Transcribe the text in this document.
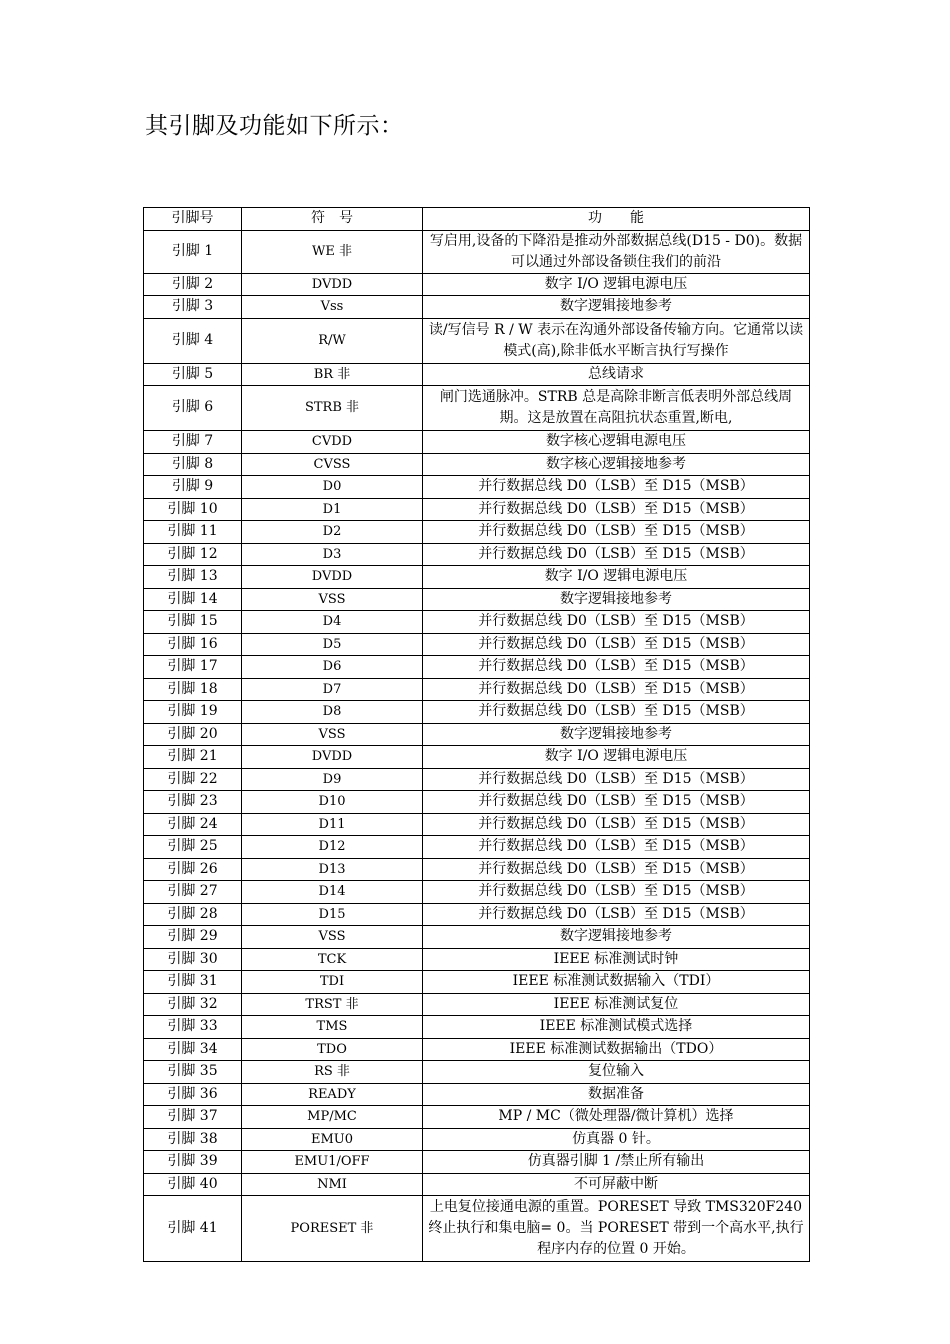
其引脚及功能如下所示：
引脚号	符　号	功　　能
引脚 1	WE 非	写启用,设备的下降沿是推动外部数据总线(D15 - D0)。数据可以通过外部设备锁住我们的前沿
引脚 2	DVDD	数字 I/O 逻辑电源电压
引脚 3	Vss	数字逻辑接地参考
引脚 4	R/W	读/写信号 R / W 表示在沟通外部设备传输方向。它通常以读模式(高),除非低水平断言执行写操作
引脚 5	BR 非	总线请求
引脚 6	STRB 非	闸门选通脉冲。STRB 总是高除非断言低表明外部总线周期。这是放置在高阻抗状态重置,断电,
引脚 7	CVDD	数字核心逻辑电源电压
引脚 8	CVSS	数字核心逻辑接地参考
引脚 9	D0	并行数据总线 D0（LSB）至 D15（MSB）
引脚 10	D1	并行数据总线 D0（LSB）至 D15（MSB）
引脚 11	D2	并行数据总线 D0（LSB）至 D15（MSB）
引脚 12	D3	并行数据总线 D0（LSB）至 D15（MSB）
引脚 13	DVDD	数字 I/O 逻辑电源电压
引脚 14	VSS	数字逻辑接地参考
引脚 15	D4	并行数据总线 D0（LSB）至 D15（MSB）
引脚 16	D5	并行数据总线 D0（LSB）至 D15（MSB）
引脚 17	D6	并行数据总线 D0（LSB）至 D15（MSB）
引脚 18	D7	并行数据总线 D0（LSB）至 D15（MSB）
引脚 19	D8	并行数据总线 D0（LSB）至 D15（MSB）
引脚 20	VSS	数字逻辑接地参考
引脚 21	DVDD	数字 I/O 逻辑电源电压
引脚 22	D9	并行数据总线 D0（LSB）至 D15（MSB）
引脚 23	D10	并行数据总线 D0（LSB）至 D15（MSB）
引脚 24	D11	并行数据总线 D0（LSB）至 D15（MSB）
引脚 25	D12	并行数据总线 D0（LSB）至 D15（MSB）
引脚 26	D13	并行数据总线 D0（LSB）至 D15（MSB）
引脚 27	D14	并行数据总线 D0（LSB）至 D15（MSB）
引脚 28	D15	并行数据总线 D0（LSB）至 D15（MSB）
引脚 29	VSS	数字逻辑接地参考
引脚 30	TCK	IEEE 标准测试时钟
引脚 31	TDI	IEEE 标准测试数据输入（TDI）
引脚 32	TRST 非	IEEE 标准测试复位
引脚 33	TMS	IEEE 标准测试模式选择
引脚 34	TDO	IEEE 标准测试数据输出（TDO）
引脚 35	RS 非	复位输入
引脚 36	READY	数据准备
引脚 37	MP/MC	MP / MC（微处理器/微计算机）选择
引脚 38	EMU0	仿真器 0 针。
引脚 39	EMU1/OFF	仿真器引脚 1 /禁止所有输出
引脚 40	NMI	不可屏蔽中断
引脚 41	PORESET 非	上电复位接通电源的重置。PORESET 导致 TMS320F240 终止执行和集电脑= 0。当 PORESET 带到一个高水平,执行程序内存的位置 0 开始。
